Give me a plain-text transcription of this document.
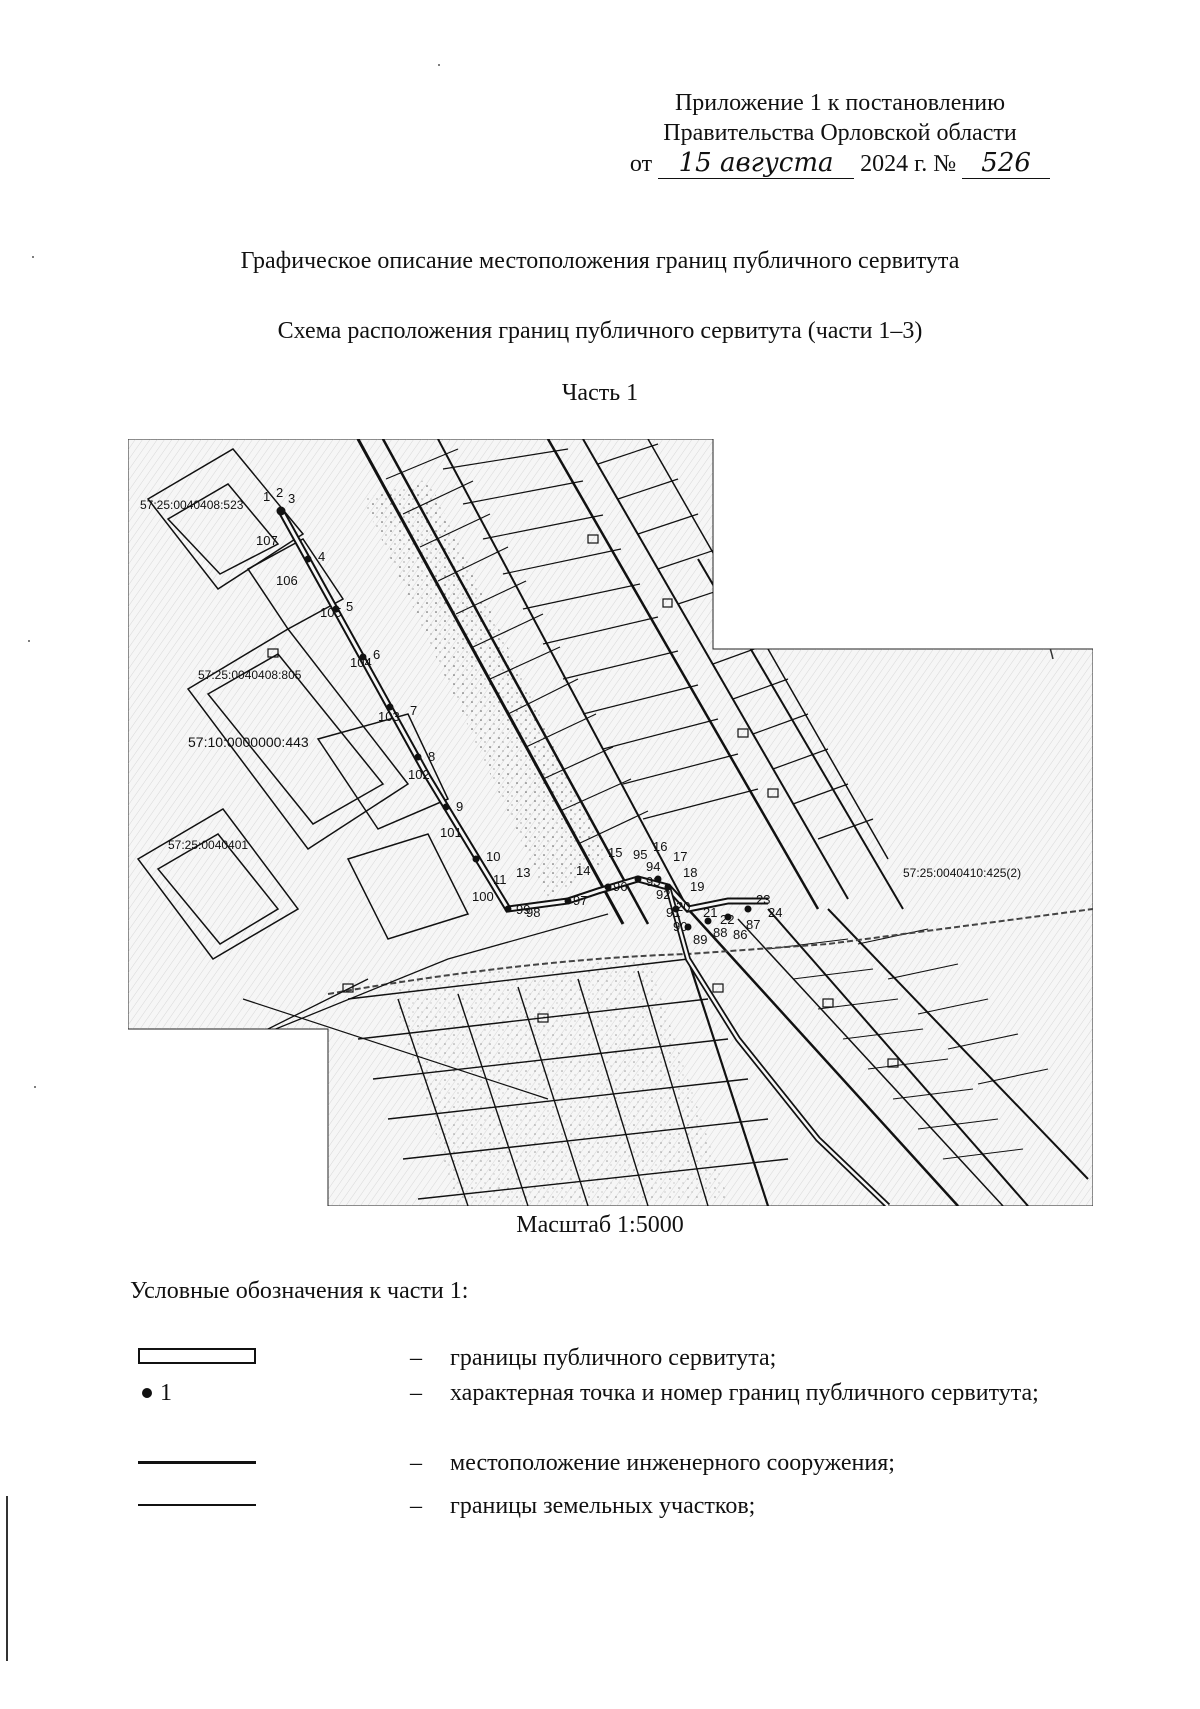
Приложение 1 к постановлению
Правительства Орловской области
от 15 августа 2024 г. № 526
Графическое описание местоположения границ публичного сервитута
Схема расположения границ публичного сервитута (части 1–3)
Часть 1
57:25:0040408:523
57:25:0040408:805
57:10:0000000:443
57:25:0040401
57:25:0040410:425(2)
1 2 3
4
5
6
7
8
9
10
11 13	14
15 16
17
18
19
20 21 22
23
24
86
87
88
89
90
91
92
93
94
95
96
97
98
99
100
101
102
103
104
105
106
107
Масштаб 1:5000
Условные обозначения к части 1:
– границы публичного сервитута;
1	– характерная точка и номер границ публичного сервитута;
– местоположение инженерного сооружения;
– границы земельных участков;
